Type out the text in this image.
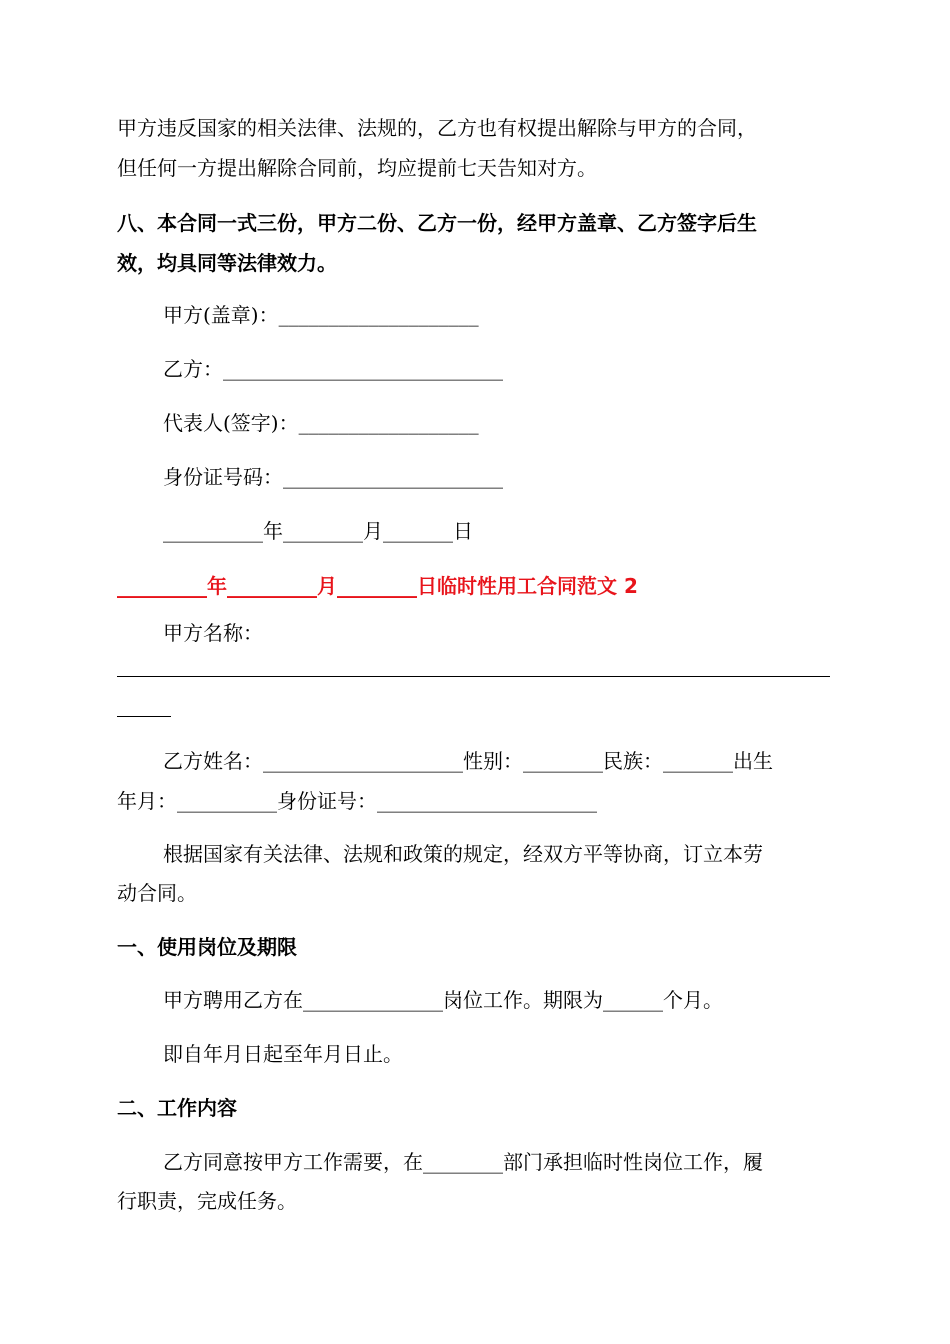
甲方违反国家的相关法律、法规的，乙方也有权提出解除与甲方的合同，
但任何一方提出解除合同前，均应提前七天告知对方。
八、本合同一式三份，甲方二份、乙方一份，经甲方盖章、乙方签字后生
效，均具同等法律效力。
甲方(盖章)：____________________
乙方：____________________________
代表人(签字)：__________________
身份证号码：______________________
__________年________月_______日
_________年_________月________日临时性用工合同范文 2
甲方名称：
乙方姓名：____________________性别：________民族：_______出生
年月：__________身份证号：______________________
根据国家有关法律、法规和政策的规定，经双方平等协商，订立本劳
动合同。
一、使用岗位及期限
甲方聘用乙方在______________岗位工作。期限为______个月。
即自年月日起至年月日止。
二、工作内容
乙方同意按甲方工作需要，在________部门承担临时性岗位工作，履
行职责，完成任务。
